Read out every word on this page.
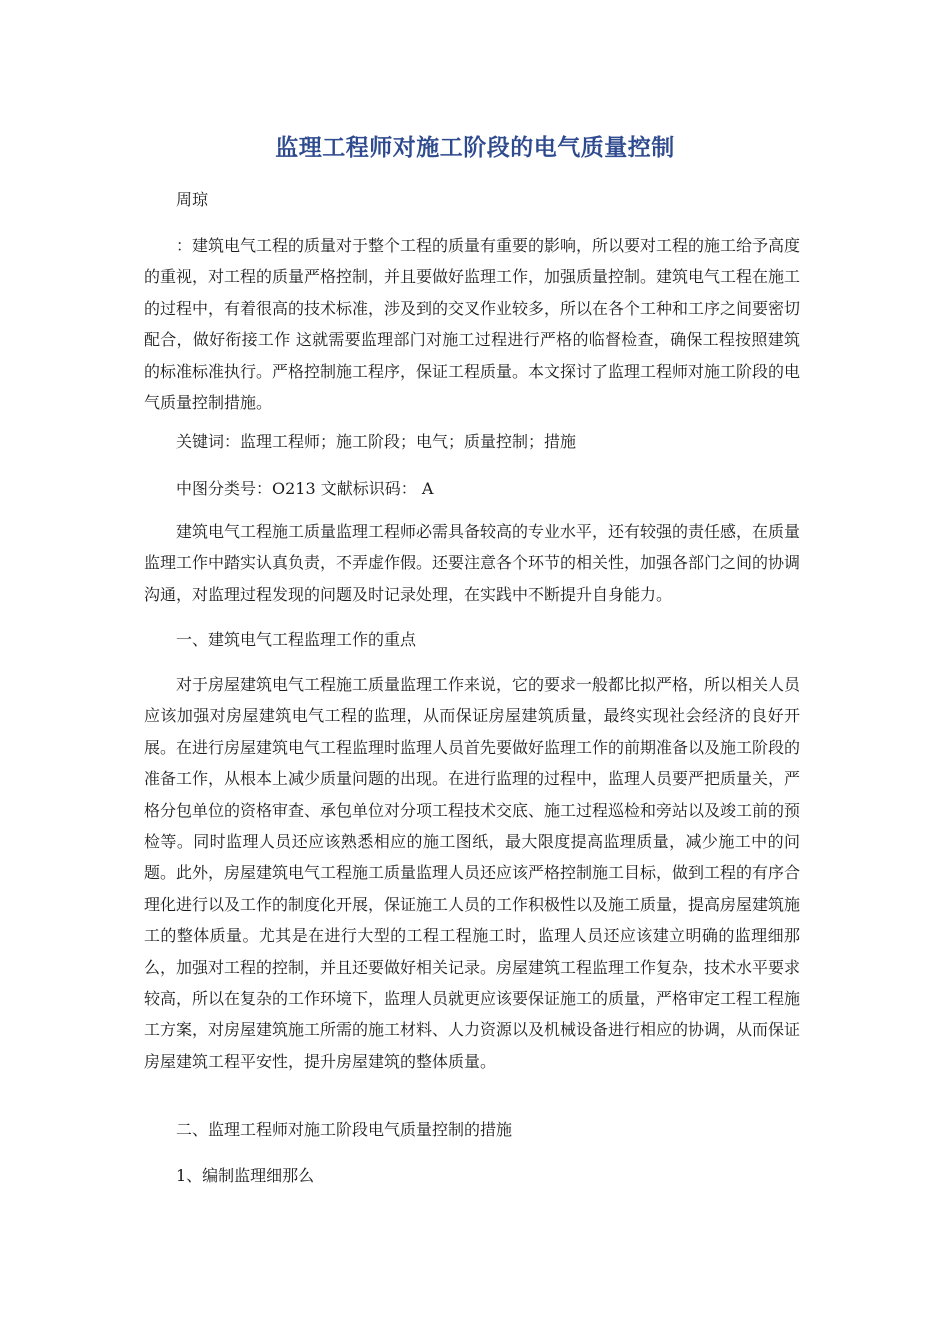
监理工程师对施工阶段的电气质量控制

周琼

：建筑电气工程的质量对于整个工程的质量有重要的影响，所以要对工程的施工给予高度的重视，对工程的质量严格控制，并且要做好监理工作，加强质量控制。建筑电气工程在施工的过程中，有着很高的技术标准，涉及到的交叉作业较多，所以在各个工种和工序之间要密切配合，做好衔接工作 这就需要监理部门对施工过程进行严格的临督检查，确保工程按照建筑的标准标准执行。严格控制施工程序，保证工程质量。本文探讨了监理工程师对施工阶段的电气质量控制措施。

关键词：监理工程师；施工阶段；电气；质量控制；措施

中图分类号：O213 文献标识码： A

建筑电气工程施工质量监理工程师必需具备较高的专业水平，还有较强的责任感，在质量监理工作中踏实认真负责，不弄虚作假。还要注意各个环节的相关性，加强各部门之间的协调沟通，对监理过程发现的问题及时记录处理，在实践中不断提升自身能力。

一、建筑电气工程监理工作的重点

对于房屋建筑电气工程施工质量监理工作来说，它的要求一般都比拟严格，所以相关人员应该加强对房屋建筑电气工程的监理，从而保证房屋建筑质量，最终实现社会经济的良好开展。在进行房屋建筑电气工程监理时监理人员首先要做好监理工作的前期准备以及施工阶段的准备工作，从根本上减少质量问题的出现。在进行监理的过程中，监理人员要严把质量关，严格分包单位的资格审查、承包单位对分项工程技术交底、施工过程巡检和旁站以及竣工前的预检等。同时监理人员还应该熟悉相应的施工图纸，最大限度提高监理质量，减少施工中的问题。此外，房屋建筑电气工程施工质量监理人员还应该严格控制施工目标，做到工程的有序合理化进行以及工作的制度化开展，保证施工人员的工作积极性以及施工质量，提高房屋建筑施工的整体质量。尤其是在进行大型的工程工程施工时，监理人员还应该建立明确的监理细那么，加强对工程的控制，并且还要做好相关记录。房屋建筑工程监理工作复杂，技术水平要求较高，所以在复杂的工作环境下，监理人员就更应该要保证施工的质量，严格审定工程工程施工方案，对房屋建筑施工所需的施工材料、人力资源以及机械设备进行相应的协调，从而保证房屋建筑工程平安性，提升房屋建筑的整体质量。

二、监理工程师对施工阶段电气质量控制的措施

1、编制监理细那么
